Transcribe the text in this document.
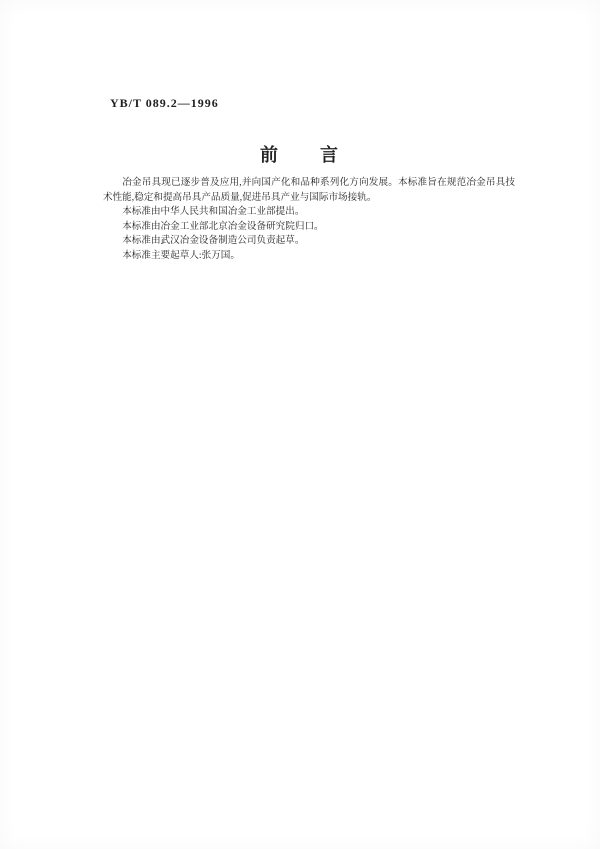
YB/T 089.2—1996
前　　言

冶金吊具现已逐步普及应用,并向国产化和品种系列化方向发展。本标准旨在规范冶金吊具技术性能,稳定和提高吊具产品质量,促进吊具产业与国际市场接轨。

本标准由中华人民共和国冶金工业部提出。

本标准由冶金工业部北京冶金设备研究院归口。

本标准由武汉冶金设备制造公司负责起草。

本标准主要起草人:张万国。
